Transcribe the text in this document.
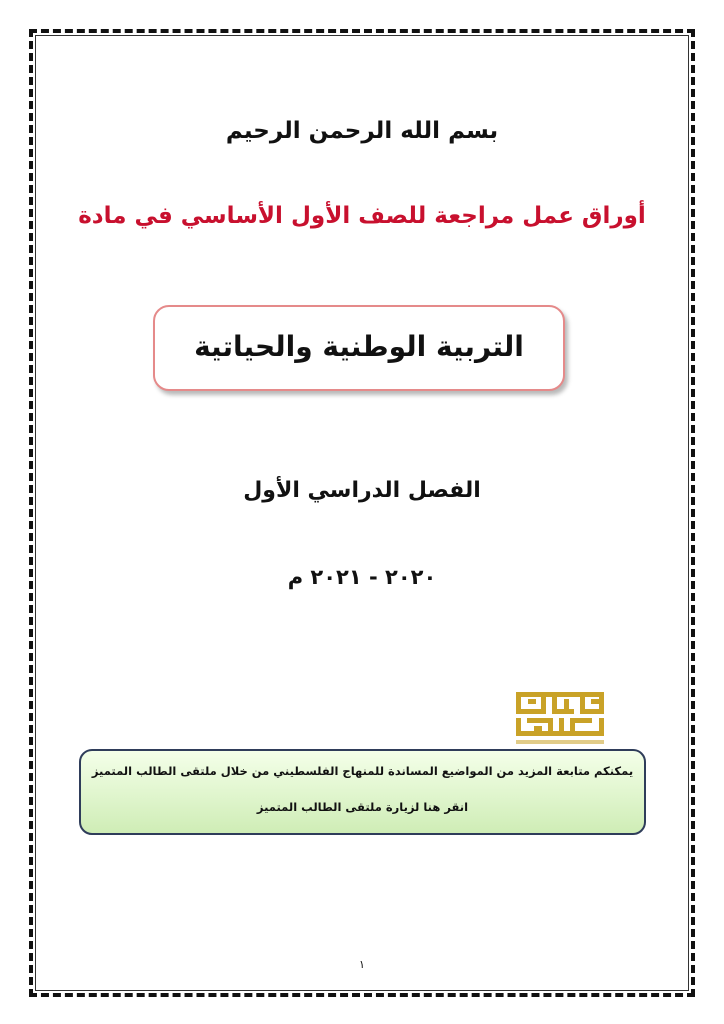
بسم الله الرحمن الرحيم
أوراق عمل مراجعة للصف الأول الأساسي في مادة
التربية الوطنية والحياتية
الفصل الدراسي الأول
٢٠٢٠ - ٢٠٢١ م
يمكنكم متابعة المزيد من المواضيع المساندة للمنهاج الفلسطيني من خلال ملتقى الطالب المتميز
انقر هنا لزيارة ملتقى الطالب المتميز
١
